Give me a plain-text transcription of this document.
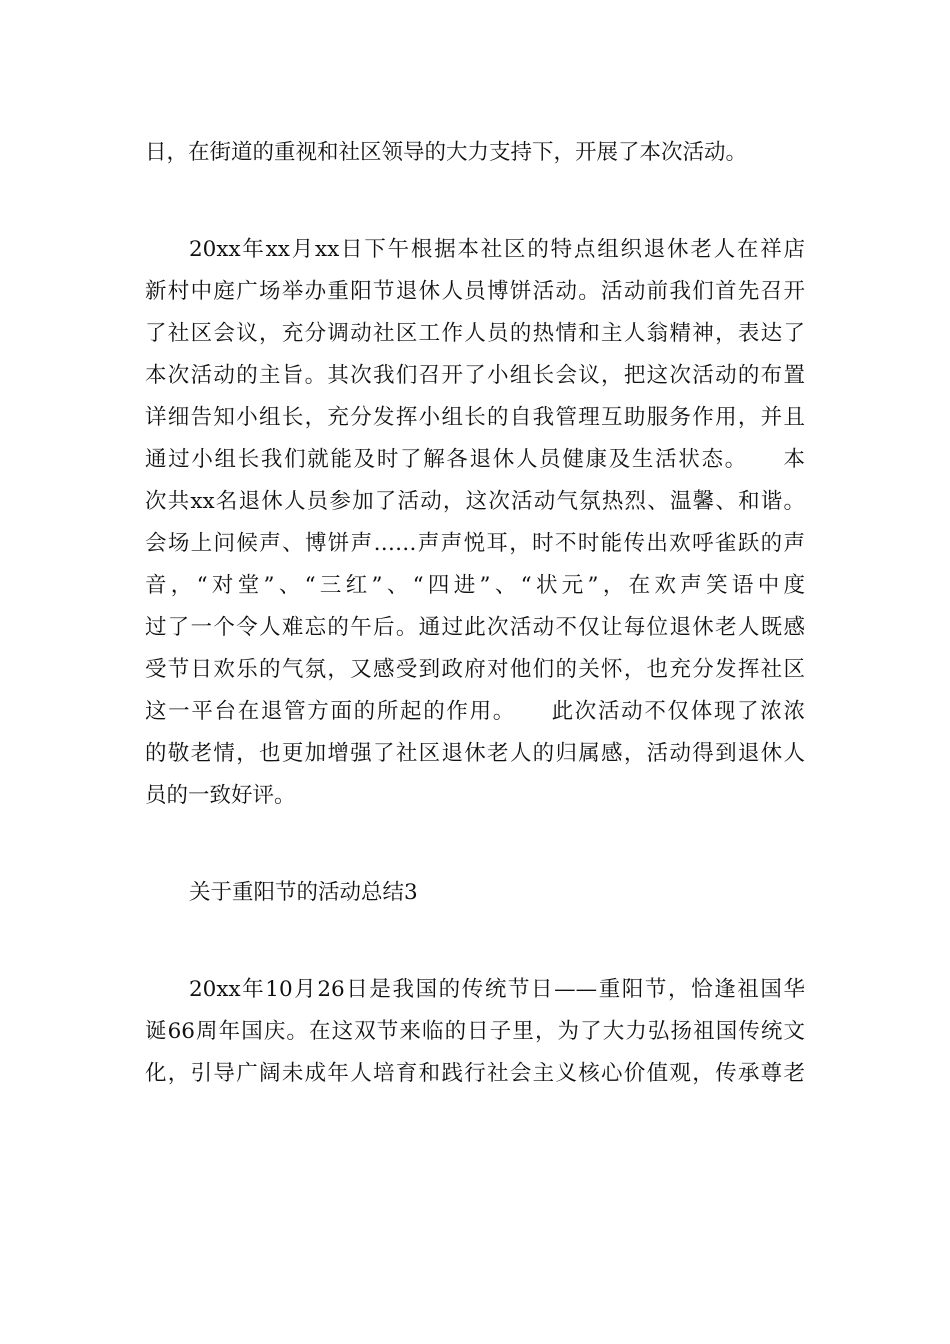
日，在街道的重视和社区领导的大力支持下，开展了本次活动。

20xx年xx月xx日下午根据本社区的特点组织退休老人在祥店

新村中庭广场举办重阳节退休人员博饼活动。活动前我们首先召开

了社区会议，充分调动社区工作人员的热情和主人翁精神，表达了

本次活动的主旨。其次我们召开了小组长会议，把这次活动的布置

详细告知小组长，充分发挥小组长的自我管理互助服务作用，并且

通过小组长我们就能及时了解各退休人员健康及生活状态。　　本

次共xx名退休人员参加了活动，这次活动气氛热烈、温馨、和谐。

会场上问候声、博饼声……声声悦耳，时不时能传出欢呼雀跃的声

音，“对堂”、“三红”、“四进”、“状元”，在欢声笑语中度

过了一个令人难忘的午后。通过此次活动不仅让每位退休老人既感

受节日欢乐的气氛，又感受到政府对他们的关怀，也充分发挥社区

这一平台在退管方面的所起的作用。　　此次活动不仅体现了浓浓

的敬老情，也更加增强了社区退休老人的归属感，活动得到退休人

员的一致好评。

关于重阳节的活动总结3

20xx年10月26日是我国的传统节日——重阳节，恰逢祖国华

诞66周年国庆。在这双节来临的日子里，为了大力弘扬祖国传统文

化，引导广阔未成年人培育和践行社会主义核心价值观，传承尊老
